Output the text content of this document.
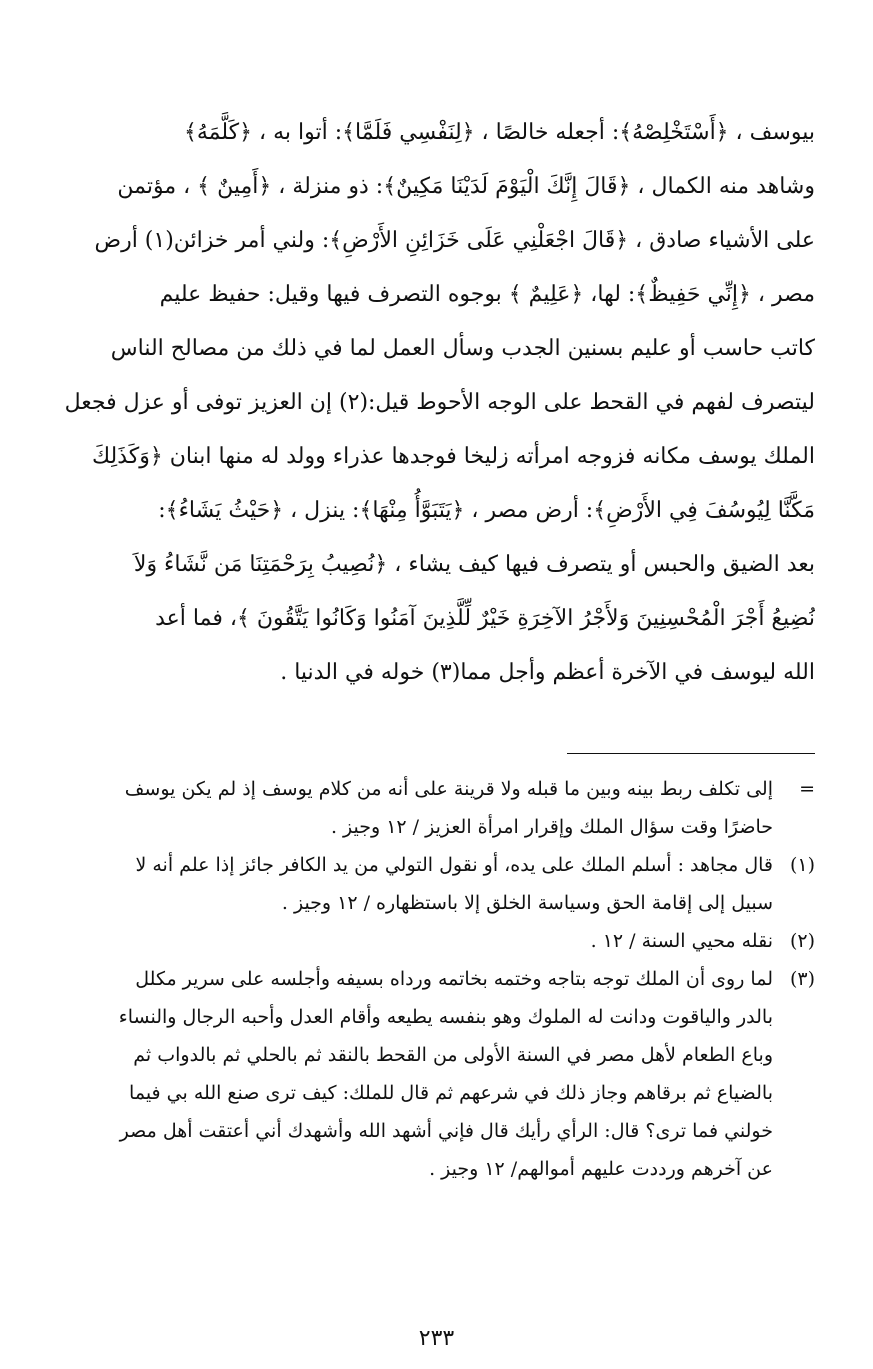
بيوسف ، ﴿أَسْتَخْلِصْهُ﴾: أجعله خالصًا ، ﴿لِنَفْسِي فَلَمَّا﴾: أتوا به ، ﴿كَلَّمَهُ﴾
وشاهد منه الكمال ، ﴿قَالَ إِنَّكَ الْيَوْمَ لَدَيْنَا مَكِينٌ﴾: ذو منزلة ، ﴿أَمِينٌ ﴾ ، مؤتمن
على الأشياء صادق ، ﴿قَالَ اجْعَلْنِي عَلَى خَزَائِنِ الأَرْضِ﴾: ولني أمر خزائن(١) أرض
مصر ، ﴿إِنِّي حَفِيظٌ﴾: لها، ﴿عَلِيمٌ ﴾ بوجوه التصرف فيها وقيل: حفيظ عليم
كاتب حاسب أو عليم بسنين الجدب وسأل العمل لما في ذلك من مصالح الناس
ليتصرف لفهم في القحط على الوجه الأحوط قيل:(٢) إن العزيز توفى أو عزل فجعل
الملك يوسف مكانه فزوجه امرأته زليخا فوجدها عذراء وولد له منها ابنان ﴿وَكَذَلِكَ
مَكَّنَّا لِيُوسُفَ فِي الأَرْضِ﴾: أرض مصر ، ﴿يَتَبَوَّأُ مِنْهَا﴾: ينزل ، ﴿حَيْثُ يَشَاءُ﴾:
بعد الضيق والحبس أو يتصرف فيها كيف يشاء ، ﴿نُصِيبُ بِرَحْمَتِنَا مَن نَّشَاءُ وَلاَ
نُضِيعُ أَجْرَ الْمُحْسِنِينَ وَلأَجْرُ الآخِرَةِ خَيْرٌ لِّلَّذِينَ آمَنُوا وَكَانُوا يَتَّقُونَ ﴾، فما أعد
الله ليوسف في الآخرة أعظم وأجل مما(٣) خوله في الدنيا .
=
إلى تكلف ربط بينه وبين ما قبله ولا قرينة على أنه من كلام يوسف إذ لم يكن يوسف
حاضرًا وقت سؤال الملك وإقرار امرأة العزيز / ١٢ وجيز .
(١)
قال مجاهد : أسلم الملك على يده، أو نقول التولي من يد الكافر جائز إذا علم أنه لا
سبيل إلى إقامة الحق وسياسة الخلق إلا باستظهاره / ١٢ وجيز .
(٢)
نقله محيي السنة / ١٢ .
(٣)
لما روى أن الملك توجه بتاجه وختمه بخاتمه ورداه بسيفه وأجلسه على سرير مكلل
بالدر والياقوت ودانت له الملوك وهو بنفسه يطيعه وأقام العدل وأحبه الرجال والنساء
وباع الطعام لأهل مصر في السنة الأولى من القحط بالنقد ثم بالحلي ثم بالدواب ثم
بالضياع ثم برقاهم وجاز ذلك في شرعهم ثم قال للملك: كيف ترى صنع الله بي فيما
خولني فما ترى؟ قال: الرأي رأيك قال فإني أشهد الله وأشهدك أني أعتقت أهل مصر
عن آخرهم ورددت عليهم أموالهم/ ١٢ وجيز .
٢٣٣
